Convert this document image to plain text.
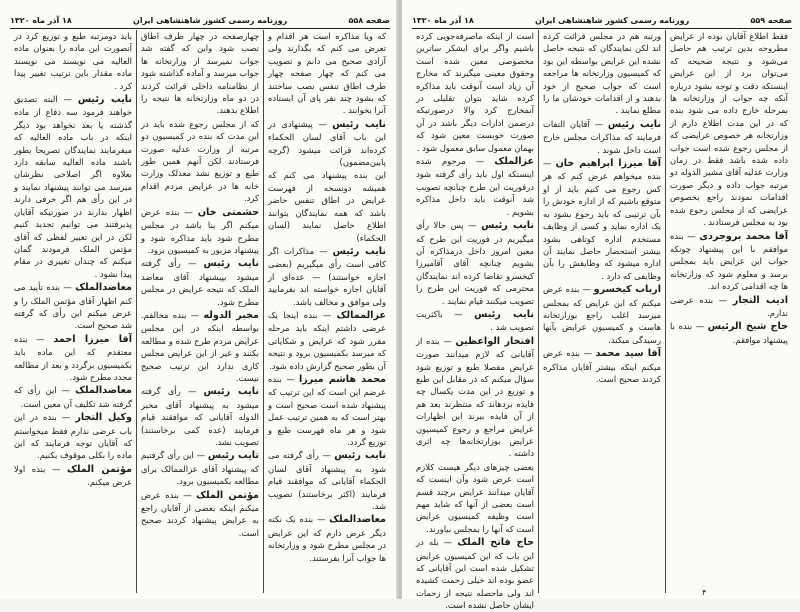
صفحه ۵۵۸
روزنامه رسمی کشور شاهنشاهی ایران
۱۸ آذر ماه ۱۳۲۰

که ویا مذاکره است هر اقدام و تعرض می کنم که بگذارند ولی آزادی صحیح می دانم و تصویب می کنم که چهار صفحه چهار طرف اطاق تنفس نصب ساختند که بشود چند نفر پای آن ایستاده آنرا بخوانند .

نایب رئیس — پیشنهادی در این باب آقای لسان الحکماء کرده‌اند قرائت میشود (گرچه پایین‌مضمون)

این بنده پیشنهاد می کنم که همیشه دونسخه از فهرست عرایض در اطاق تنفس حاضر باشد که همه نمایندگان بتوانند اطلاع حاصل نمایند (لسان الحکماء)

نایب رئیس — مذاکرات اگر کافی است رأی میگیریم (بعضی اجازه خواستند) — عده‌ای از آقایان اجازه خواسته اند بفرمایید ولی موافق و مخالف باشد.

عزالممالک — بنده اینجا یک عرضی داشتم اینکه باید مرحله مقرر شود که عرایض و شکایاتی که میرسد بکمیسیون برود و نتیجه آن بطور صحیح گزارش داده شود.

محمد هاشم میرزا — بنده عرضم این است که این ترتیب که پیشنهاد شده است صحیح است و بهتر است که به همین ترتیب عمل شود و هر ماه فهرست طبع و توزیع گردد.

نایب رئیس — رأی گرفته می شود به پیشنهاد آقای لسان الحکماء آقایانی که موافقند قیام فرمایند (اکثر برخاستند) تصویب شد.

معاضدالملک — بنده یک نکته دیگر عرض دارم که این عرایض در مجلس مطرح شود و وزارتخانه ها جواب آنرا بفرستند.

چهارصفحه در چهار طرف اطاق نصب شود واین که گفته شد جواب نمیرسد از وزارتخانه ها جواب میرسد و آماده گذاشته شود از نظامنامه داخلی قرائت کردند در دو ماه وزارتخانه ها نتیجه را اطلاع بدهند.

که از مجلس رجوع شده باید در این مدت که بنده در کمیسیون دو مرتبه از وزارت عدلیه صورت فرستادند لکن آنهم همین طور طبع و توزیع نشد معذلک وزارت خانه ها در عرایض مردم اقدام کرد.

حشمتی خان — بنده عرض میکنم اگر بنا باشد در مجلس مطرح شود باید مذاکره شود و پیشنهاد مزبور به کمیسیون برود.

نایب رئیس — رأی گرفته میشود بپیشنهاد آقای معاضد الملک که نتیجه عرایض در مجلس مطرح شود.

مخبر الدوله — بنده مخالفم. بواسطه اینکه در این مجلس عرایض مردم طرح شده و مطالعه بکنند و غیر از این عرایض مجلس کاری ندارد این ترتیب صحیح نیست.

نایب رئیس — رأی گرفته میشود به پیشنهاد آقای مخبر الدوله آقایانی که موافقند قیام فرمایند (عده کمی برخاستند) تصویب نشد.

تایب رئیس — این رأی گرفتیم که پیشنهاد آقای عزالممالک برای مطالعه بکمیسیون برود.

مؤتمن الملک — بنده عرض میکنم اینکه بعضی از آقایان راجع به عرایض پیشنهاد کردند صحیح است.

باید دومرتبه طبع و توزیع کرد در آنصورت این ماده را بعنوان ماده العالیه می نویسند می نویسند ماده مقدار باین ترتیب تغییر پیدا کرد .

نایب رئیس — البته تصدیق خواهند فرمود سه دفاع از ماده گذشته یا بعد نخواهد بود دیگر اینکه در باب ماده العالیه که میفرمایند نمایندگان تصریحا بطور باشند ماده العالیه سابقه دارد بعلاوه اگر اصلاحی نظرشان میرسد می توانند پیشنهاد نمایند و در این رأی هم اگر حرفی دارند اظهار بدارند در صورتیکه آقایان پذیرفتند می توانیم تجدید کنیم لکن در این تغییر لفظی که آقای مؤتمن الملک فرمودند گمان میکنم که چندان تغییری در مقام پیدا نشود .

معاضدالملک — بنده تأیید می کنم اظهار آقای مؤتمن الملک را و عرض میکنم این رأی که گرفته شد صحیح است.

آقا میرزا احمد — بنده معتقدم که این ماده باید بکمیسیون برگردد و بعد از مطالعه مجدد مطرح شود.

معاضدالملک — این رأی که گرفته شد تکلیف آن معین است.

وکیل التجار — بنده در این باب عرضی ندارم فقط میخواستم که آقایان توجه فرمایند که این ماده را بکلی موقوف بکنیم.

مؤتمن الملک — بنده اولا عرض میکنم.

صفحه ۵۵۹
روزنامه رسمی کشور شاهنشاهی ایران
۱۸ آذر ماه ۱۳۲۰

فقط اطلاع آقایان بوده از عرایض مطروحه بدین ترتیب هم حاصل می‌شود و نتیجه صحیحه که می‌توان برد از این عرایض اینستکه دقت و توجه بشود درباره آنکه چه جواب از وزارتخانه ها بمرحله خارج داده می شود بنده که در این مدت اطلاع دارم از وزارتخانه هر خصوص عرایضی که از مجلس رجوع شده است جواب داده شده باشد فقط در زمان وزارت عدلیه آقای مشیر الدوله دو مرتبه جواب داده و دیگر صورت اقدامات نمودند راجع بخصوص عرایضی که از مجلس رجوع شده بود به مجلس فرستادند .

آقا محمد بروجردی — بنده موافقم با این پیشنهاد چونکه جواب این عرایض باید بمجلس برسد و معلوم شود که وزارتخانه ها چه اقدامی کرده اند.

ادیب التجار — بنده عرضی ندارم.

حاج شیخ الرئیس — بنده با پیشنهاد موافقم.

ورتبه هم در مجلس قرائت کرده اند لکن نمایندگان که نتیجه حاصل نشده این عرایض بواسطه این بود که کمیسیون وزارتخانه ها مراجعه است که جواب صحیح از خود بدهند و از اقدامات خودشان ما را مطلع نمایند .

نایب رئیس — آقایان التفات فرمایند که مذاکرات مجلس خارج است داخل شوند .

آقا میرزا ابراهیم خان — بنده میخواهم عرض کنم که هر کس رجوع می کنیم باید از او متوقع باشیم که از اداره خودش را بآن ترتیبی که باید رجوع بشود به یک اداره نماید و کسی از وظایف مستخدم اداره کوتاهی بشود بیشتر استحضار حاصل نمایند آن اداره میشود که وظایفش را بآن وظایفی که دارد .

ارباب کیخسرو — بنده عرض میکنم که این عرایض که بمجلس میرسد اغلب راجع بوزارتخانه هاست و کمیسیون عرایض بآنها رسیدگی میکند.

آقا سید محمد — بنده عرض میکنم اینکه بیشتر آقایان مذاکره کردند صحیح است.

است از اینکه ماصرفه‌جویی کرده باشیم واگر برای ایشکر ساترین مخصوصی معین شده است وحقوق معینی میگیرند که مخارج آن زیاد است آنوقت باید مذاکره کرده شاید بتوان تقلیلی در آنمخارج کرد والا درصورتیکه درضمن ادارات دیگر باشد در آن صورت خوبست معین شود که بهمان معمول سابق معمول شود .

عزالملک — مرحوم شده اینستکه اول باید رأی گرفته شود درفوریت این طرح چنانچه تصویب شد آنوقت باید داخل مذاکره بشویم .

نایب رئیس — پس حالا رأی میگیریم در فوریت این طرح که معین امروز داخل درمذاکره آن بشویم چنانچه آقای آقامیرزا کیخسرو تقاضا کرده اند نمایندگان محترمی که فوریت این طرح را تصویب میکنند قیام نمایند .

نایب رئیس — باکثریت تصویب شد .

افتخار الواعظین — بنده از آقایانی که لازم میدانند صورت عرایض مفصلا طبع و توزیع شود سؤال میکنم که در مقابل این طبع و توزیع در این مدت یکسال چه فایده بردهاند که منتظرند بعد هم از آن فایده ببرند این اظهارات عرایض مراجع و رجوع کمیسیون عرایض بوزارتخانه‌ها چه اثری داشته .

بعضی چیزهای دیگر هیست کلازم است عرض شود وآن اینست که آقایان میدانند عرایض برچند قسم است بعضی از آنها که شاید مهم است وظیفه کمیسیون عرایض است که آنها را بمجلس بیاورند.

حاج فاتح الملک — بله در این باب که این کمیسیون عرایض تشکیل شده است این آقایانی که عضو بوده اند خیلی زحمت کشیده اند ولی ماحصله نتیجه از زحمات ایشان حاصل نشده است.

۴
